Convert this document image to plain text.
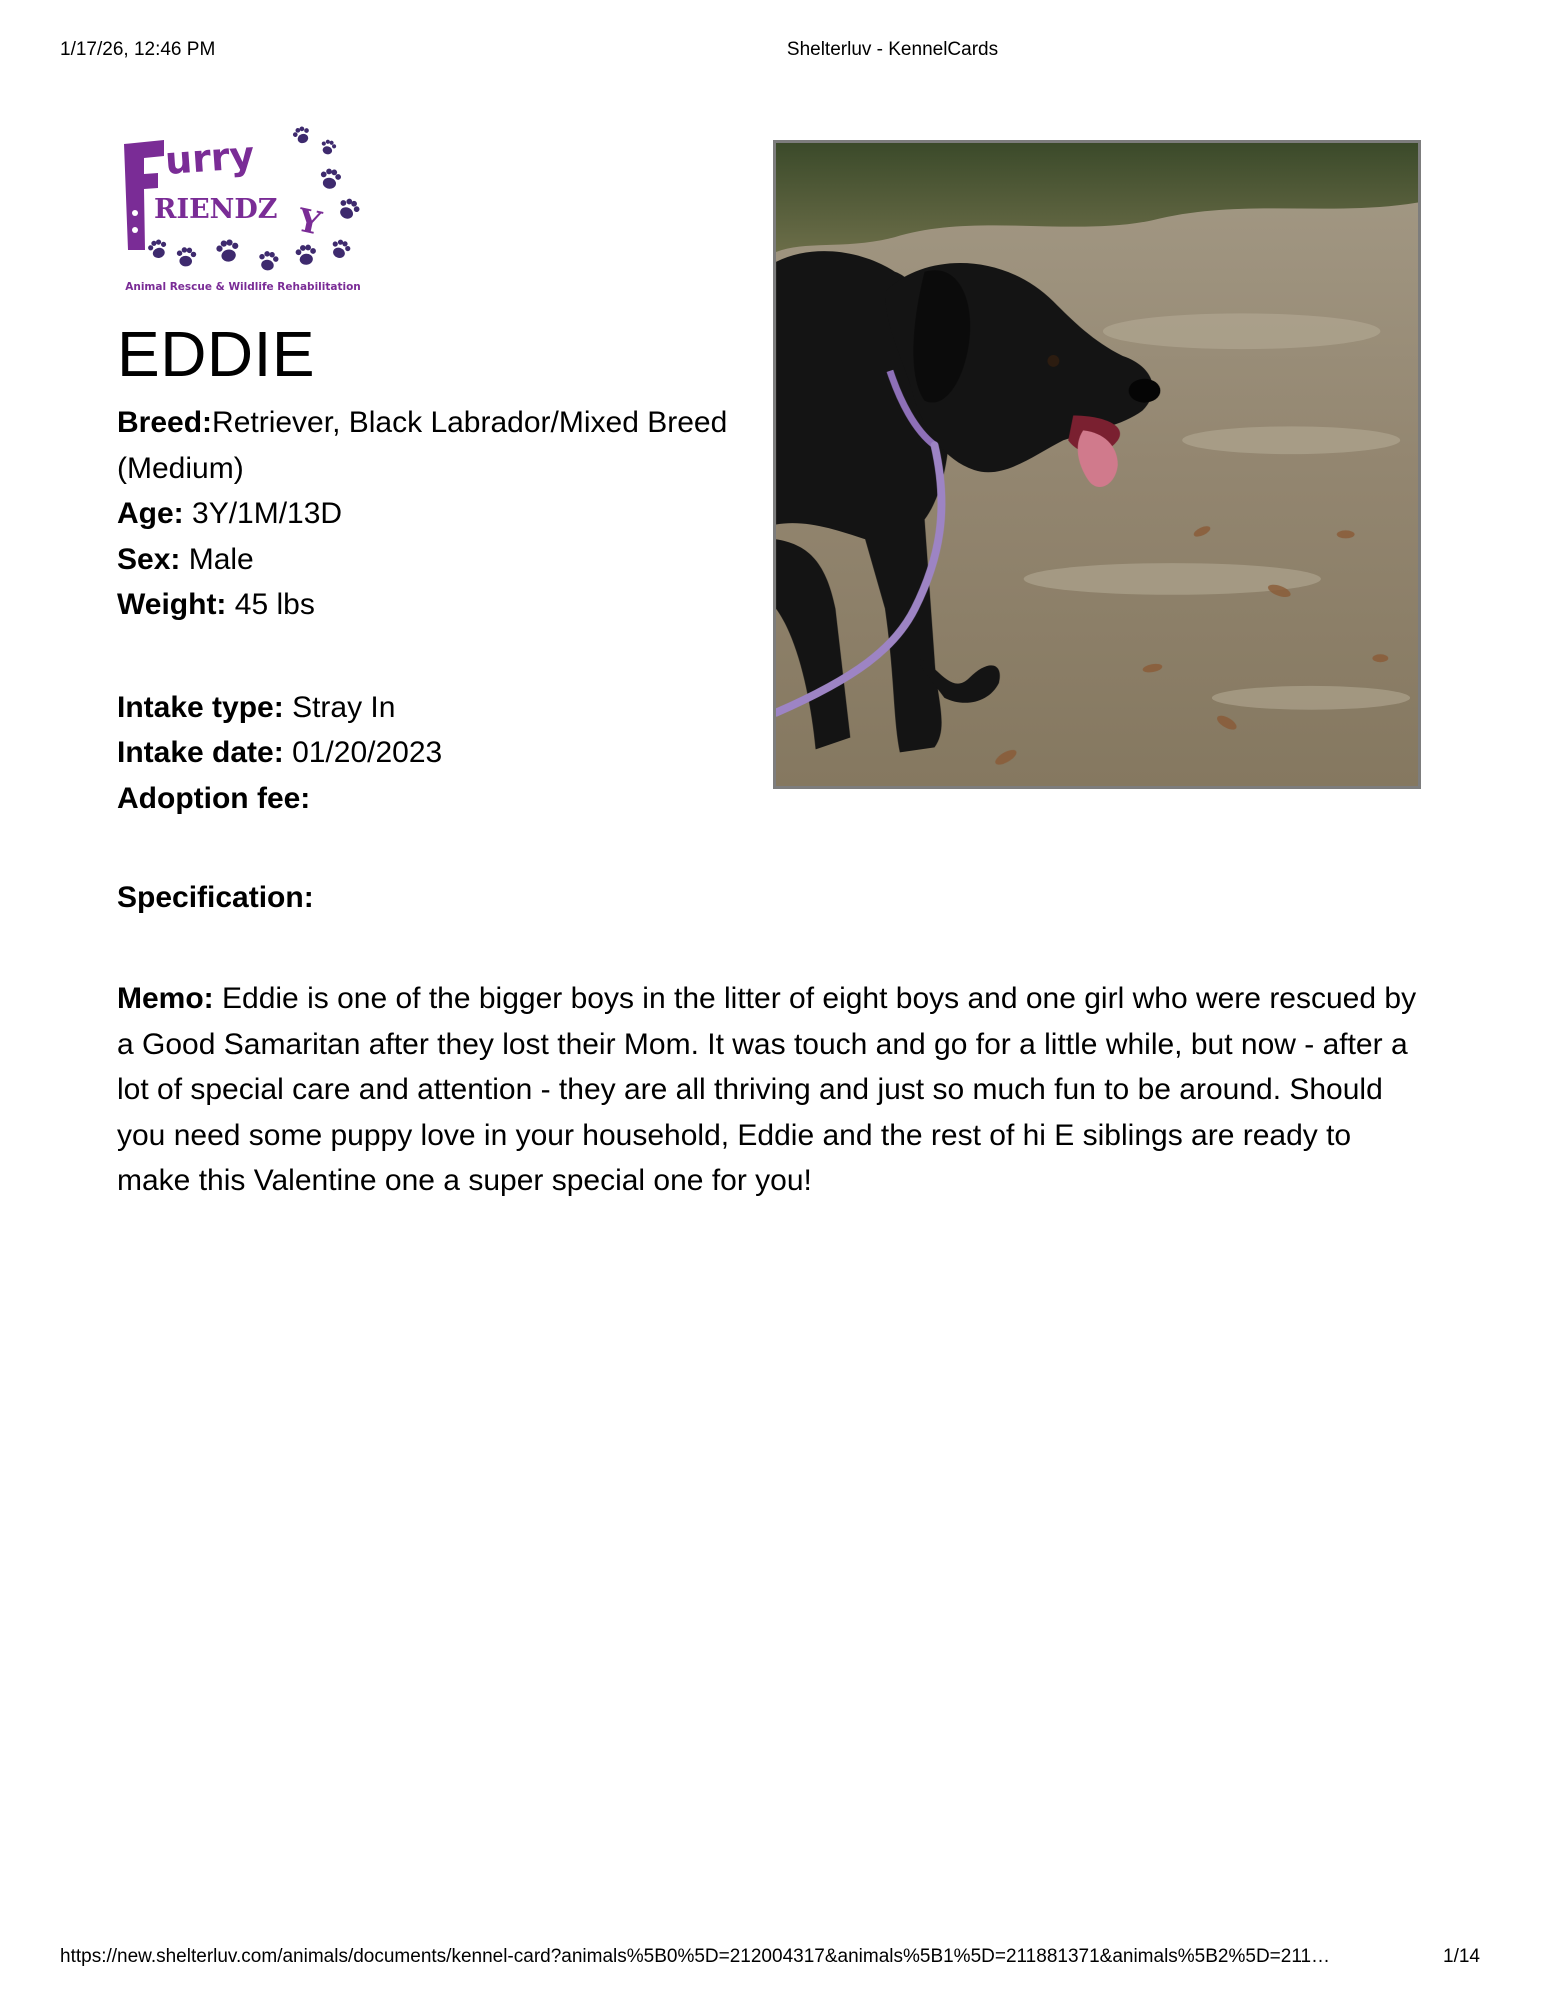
1/17/26, 12:46 PM	Shelterluv - KennelCards
urry
RIENDZ Y
Animal Rescue & Wildlife Rehabilitation
EDDIE
Breed:Retriever, Black Labrador/Mixed Breed (Medium)
Age: 3Y/1M/13D
Sex: Male
Weight: 45 lbs
Intake type: Stray In
Intake date: 01/20/2023
Adoption fee:
Specification:
Memo: Eddie is one of the bigger boys in the litter of eight boys and one girl who were rescued by a Good Samaritan after they lost their Mom. It was touch and go for a little while, but now - after a lot of special care and attention - they are all thriving and just so much fun to be around. Should you need some puppy love in your household, Eddie and the rest of hi E siblings are ready to make this Valentine one a super special one for you!
https://new.shelterluv.com/animals/documents/kennel-card?animals%5B0%5D=212004317&animals%5B1%5D=211881371&animals%5B2%5D=211…	1/14
